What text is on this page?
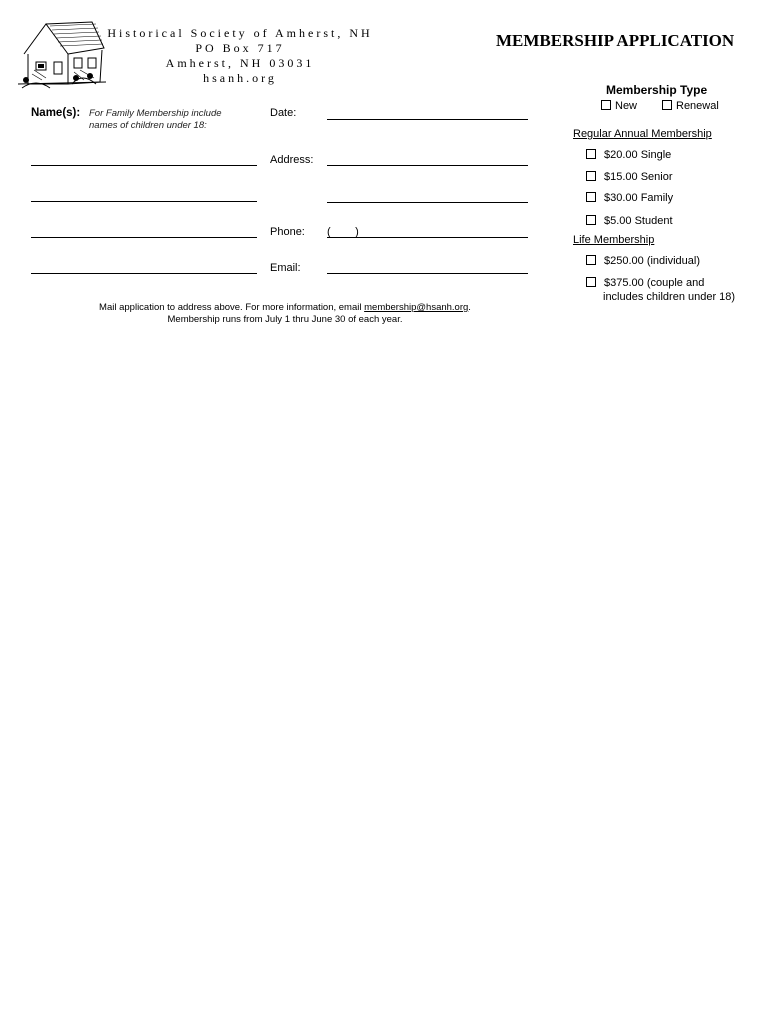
Historical Society of Amherst, NH
PO Box 717
Amherst, NH 03031
hsanh.org
MEMBERSHIP APPLICATION
Name(s): For Family Membership include names of children under 18:
Date:
Address:
Phone: (        )
Email:
Membership Type
New	Renewal
Regular Annual Membership
$20.00 Single
$15.00 Senior
$30.00 Family
$5.00 Student
Life Membership
$250.00 (individual)
$375.00 (couple and
includes children under 18)
Mail application to address above. For more information, email membership@hsanh.org.
Membership runs from July 1 thru June 30 of each year.
